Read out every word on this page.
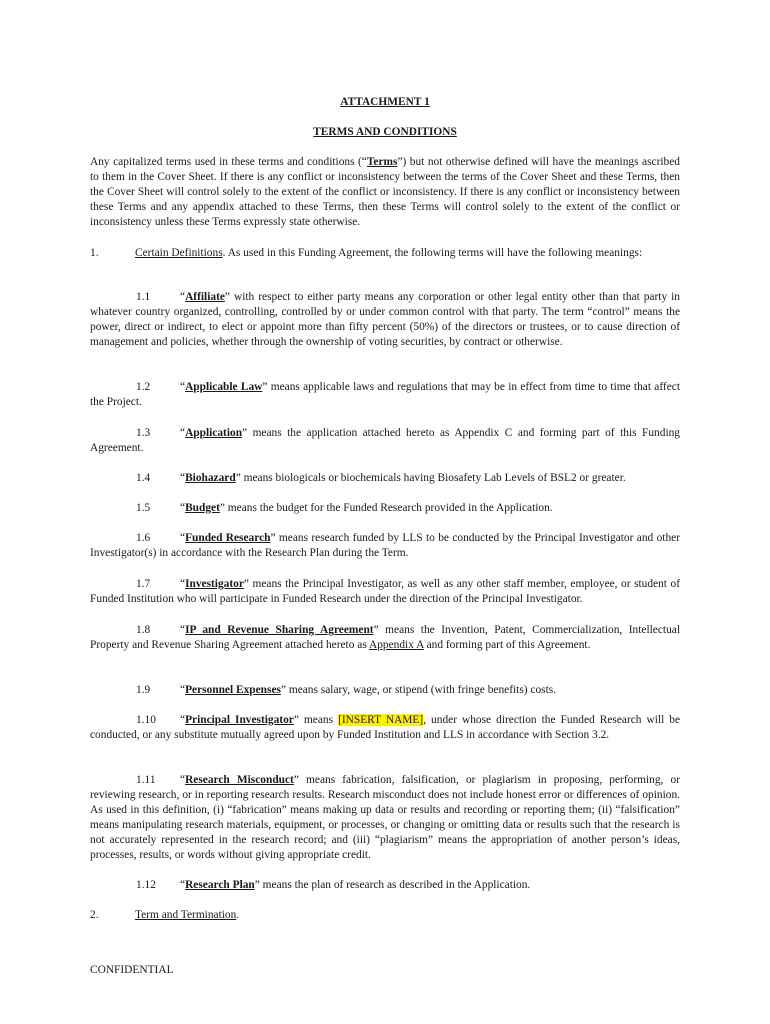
ATTACHMENT 1
TERMS AND CONDITIONS
Any capitalized terms used in these terms and conditions (“Terms”) but not otherwise defined will have the meanings ascribed to them in the Cover Sheet. If there is any conflict or inconsistency between the terms of the Cover Sheet and these Terms, then the Cover Sheet will control solely to the extent of the conflict or inconsistency. If there is any conflict or inconsistency between these Terms and any appendix attached to these Terms, then these Terms will control solely to the extent of the conflict or inconsistency unless these Terms expressly state otherwise.
1.	Certain Definitions. As used in this Funding Agreement, the following terms will have the following meanings:
1.1	“Affiliate” with respect to either party means any corporation or other legal entity other than that party in whatever country organized, controlling, controlled by or under common control with that party. The term “control” means the power, direct or indirect, to elect or appoint more than fifty percent (50%) of the directors or trustees, or to cause direction of management and policies, whether through the ownership of voting securities, by contract or otherwise.
1.2	“Applicable Law” means applicable laws and regulations that may be in effect from time to time that affect the Project.
1.3	“Application” means the application attached hereto as Appendix C and forming part of this Funding Agreement.
1.4	“Biohazard” means biologicals or biochemicals having Biosafety Lab Levels of BSL2 or greater.
1.5	“Budget” means the budget for the Funded Research provided in the Application.
1.6	“Funded Research” means research funded by LLS to be conducted by the Principal Investigator and other Investigator(s) in accordance with the Research Plan during the Term.
1.7	“Investigator” means the Principal Investigator, as well as any other staff member, employee, or student of Funded Institution who will participate in Funded Research under the direction of the Principal Investigator.
1.8	“IP and Revenue Sharing Agreement” means the Invention, Patent, Commercialization, Intellectual Property and Revenue Sharing Agreement attached hereto as Appendix A and forming part of this Agreement.
1.9	“Personnel Expenses” means salary, wage, or stipend (with fringe benefits) costs.
1.10 “Principal Investigator” means [INSERT NAME], under whose direction the Funded Research will be conducted, or any substitute mutually agreed upon by Funded Institution and LLS in accordance with Section 3.2.
1.11 “Research Misconduct” means fabrication, falsification, or plagiarism in proposing, performing, or reviewing research, or in reporting research results. Research misconduct does not include honest error or differences of opinion. As used in this definition, (i) “fabrication” means making up data or results and recording or reporting them; (ii) “falsification” means manipulating research materials, equipment, or processes, or changing or omitting data or results such that the research is not accurately represented in the research record; and (iii) “plagiarism” means the appropriation of another person’s ideas, processes, results, or words without giving appropriate credit.
1.12 “Research Plan” means the plan of research as described in the Application.
2.	Term and Termination.
CONFIDENTIAL
